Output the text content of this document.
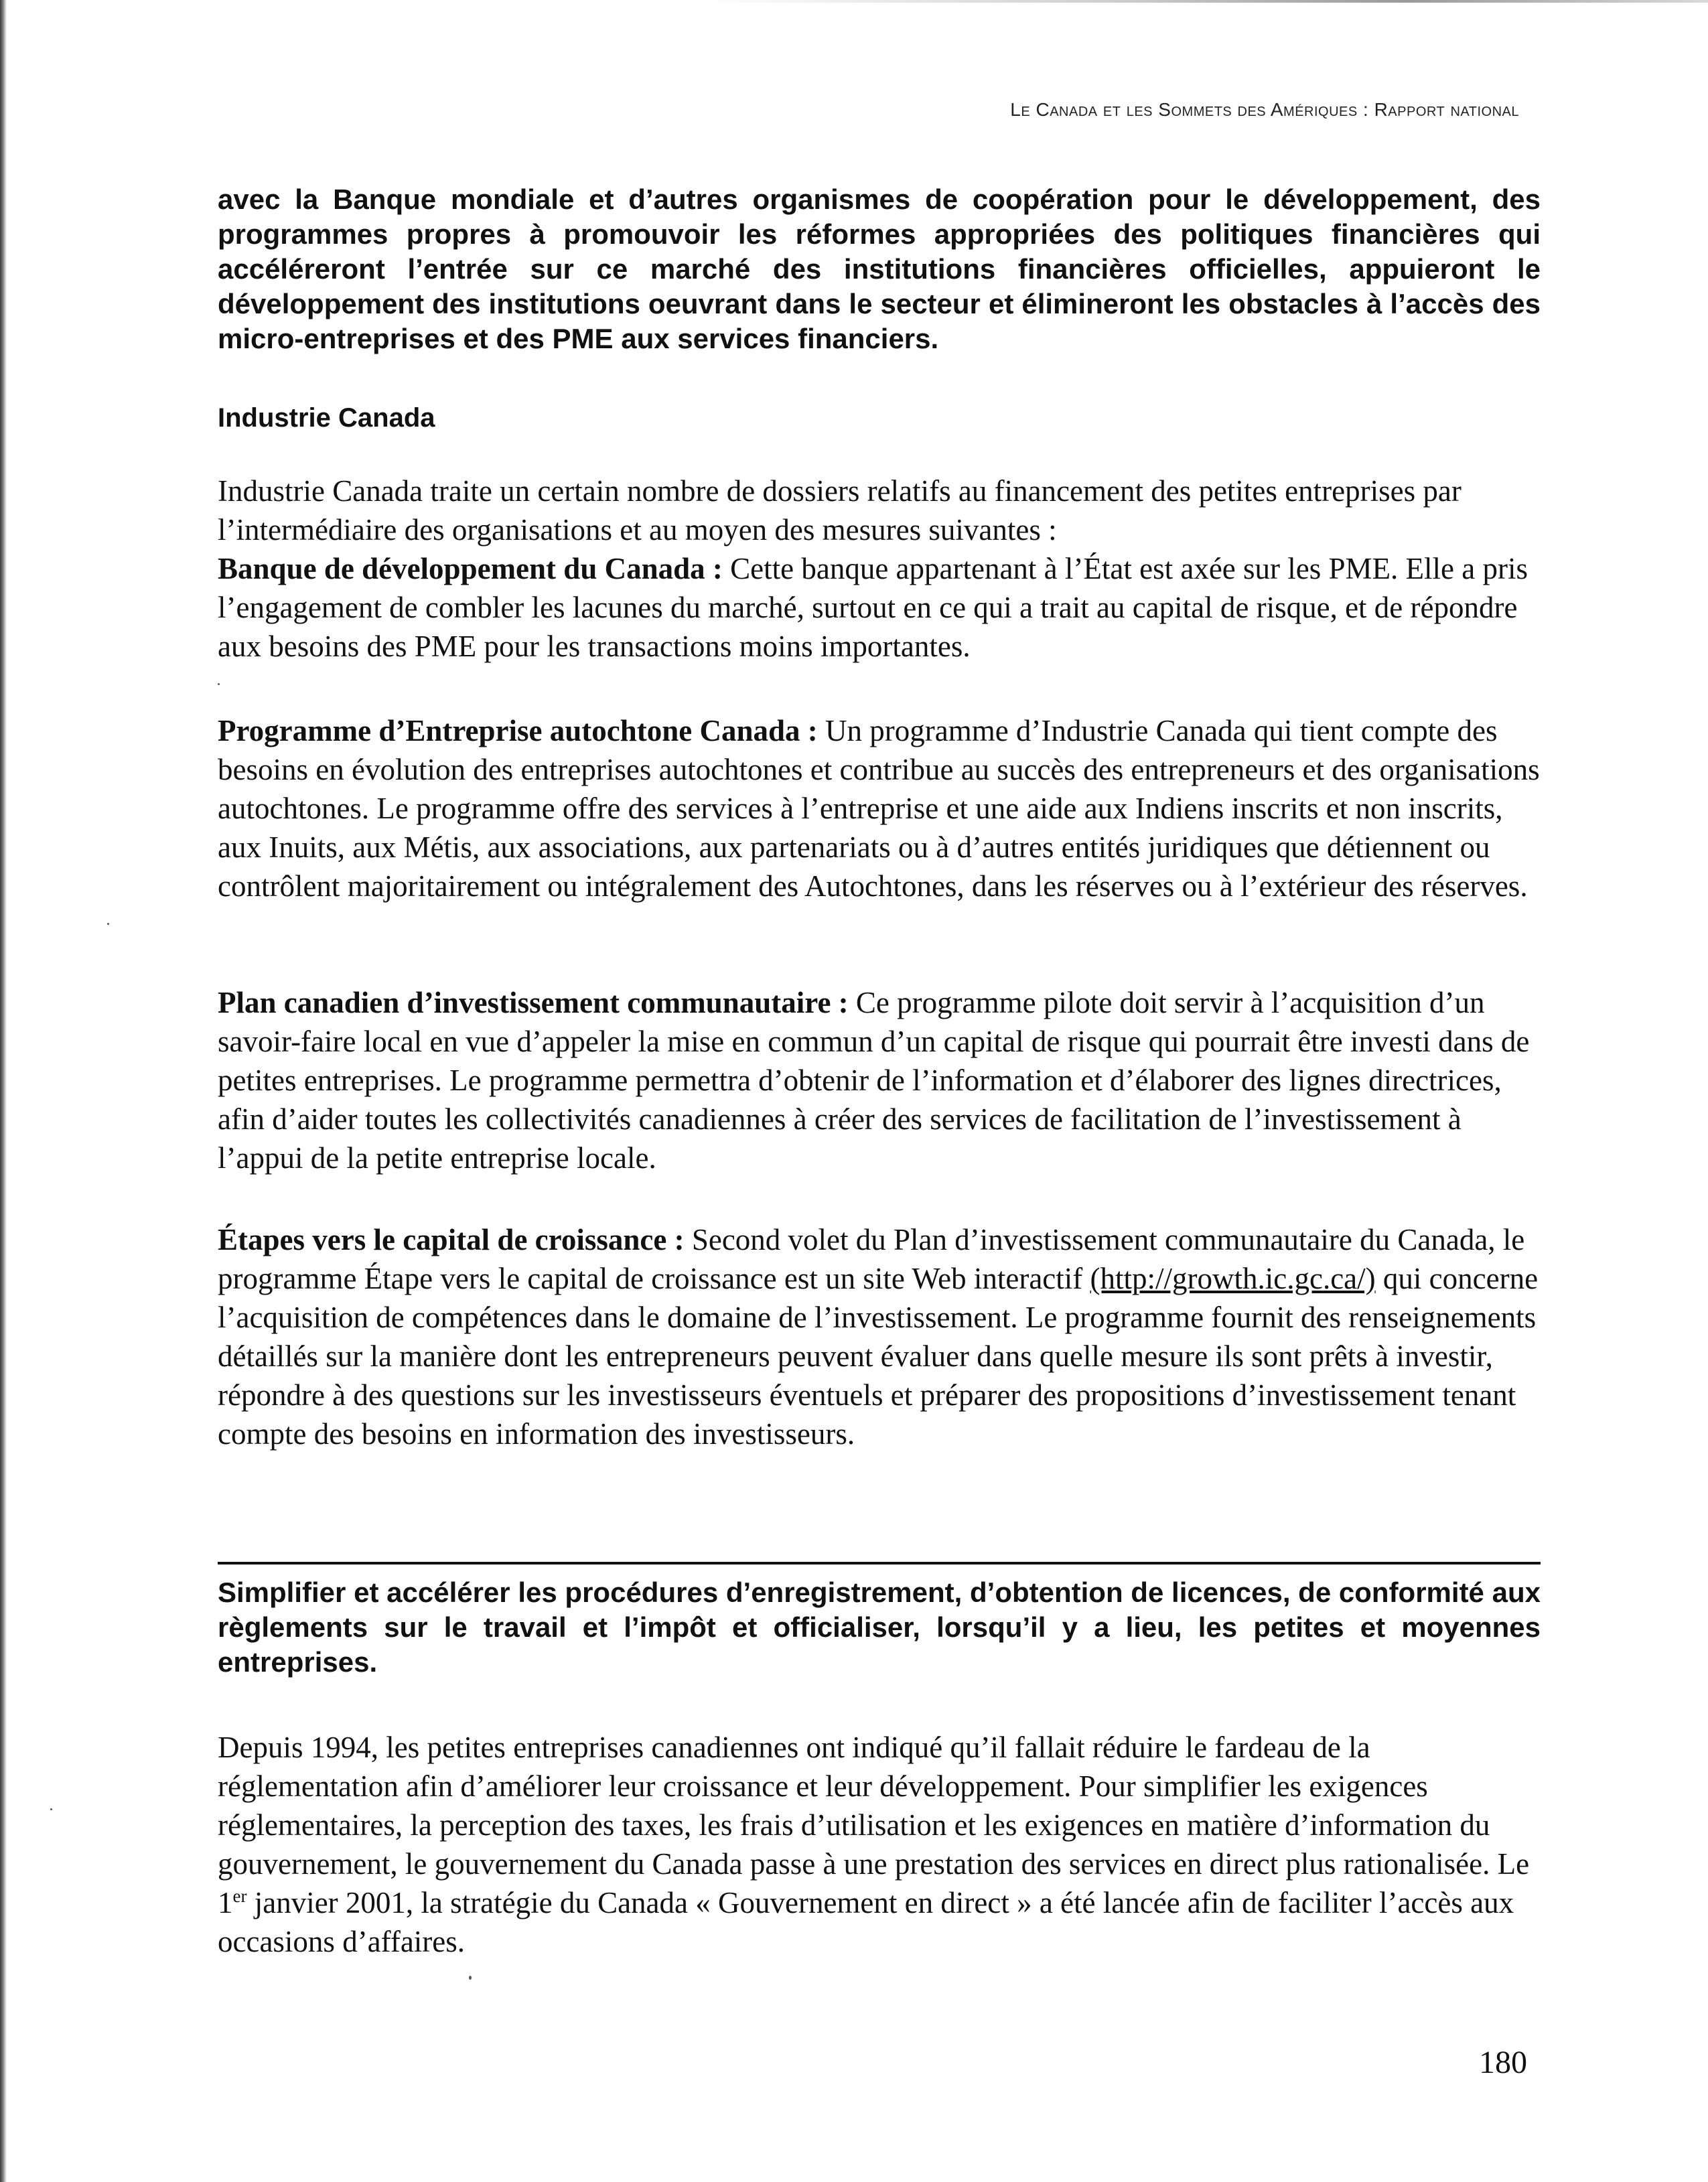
Le Canada et les Sommets des Amériques : Rapport national

avec la Banque mondiale et d’autres organismes de coopération pour le développement, des programmes propres à promouvoir les réformes appropriées des politiques financières qui accéléreront l’entrée sur ce marché des institutions financières officielles, appuieront le développement des institutions oeuvrant dans le secteur et élimineront les obstacles à l’accès des micro-entreprises et des PME aux services financiers.

Industrie Canada

Industrie Canada traite un certain nombre de dossiers relatifs au financement des petites entreprises par l’intermédiaire des organisations et au moyen des mesures suivantes :
Banque de développement du Canada : Cette banque appartenant à l’État est axée sur les PME. Elle a pris l’engagement de combler les lacunes du marché, surtout en ce qui a trait au capital de risque, et de répondre aux besoins des PME pour les transactions moins importantes.

Programme d’Entreprise autochtone Canada : Un programme d’Industrie Canada qui tient compte des besoins en évolution des entreprises autochtones et contribue au succès des entrepreneurs et des organisations autochtones. Le programme offre des services à l’entreprise et une aide aux Indiens inscrits et non inscrits, aux Inuits, aux Métis, aux associations, aux partenariats ou à d’autres entités juridiques que détiennent ou contrôlent majoritairement ou intégralement des Autochtones, dans les réserves ou à l’extérieur des réserves.

Plan canadien d’investissement communautaire : Ce programme pilote doit servir à l’acquisition d’un savoir-faire local en vue d’appeler la mise en commun d’un capital de risque qui pourrait être investi dans de petites entreprises. Le programme permettra d’obtenir de l’information et d’élaborer des lignes directrices, afin d’aider toutes les collectivités canadiennes à créer des services de facilitation de l’investissement à l’appui de la petite entreprise locale.

Étapes vers le capital de croissance : Second volet du Plan d’investissement communautaire du Canada, le programme Étape vers le capital de croissance est un site Web interactif (http://growth.ic.gc.ca/) qui concerne l’acquisition de compétences dans le domaine de l’investissement. Le programme fournit des renseignements détaillés sur la manière dont les entrepreneurs peuvent évaluer dans quelle mesure ils sont prêts à investir, répondre à des questions sur les investisseurs éventuels et préparer des propositions d’investissement tenant compte des besoins en information des investisseurs.

Simplifier et accélérer les procédures d’enregistrement, d’obtention de licences, de conformité aux règlements sur le travail et l’impôt et officialiser, lorsqu’il y a lieu, les petites et moyennes entreprises.

Depuis 1994, les petites entreprises canadiennes ont indiqué qu’il fallait réduire le fardeau de la réglementation afin d’améliorer leur croissance et leur développement. Pour simplifier les exigences réglementaires, la perception des taxes, les frais d’utilisation et les exigences en matière d’information du gouvernement, le gouvernement du Canada passe à une prestation des services en direct plus rationalisée. Le 1er janvier 2001, la stratégie du Canada « Gouvernement en direct » a été lancée afin de faciliter l’accès aux occasions d’affaires.

180
